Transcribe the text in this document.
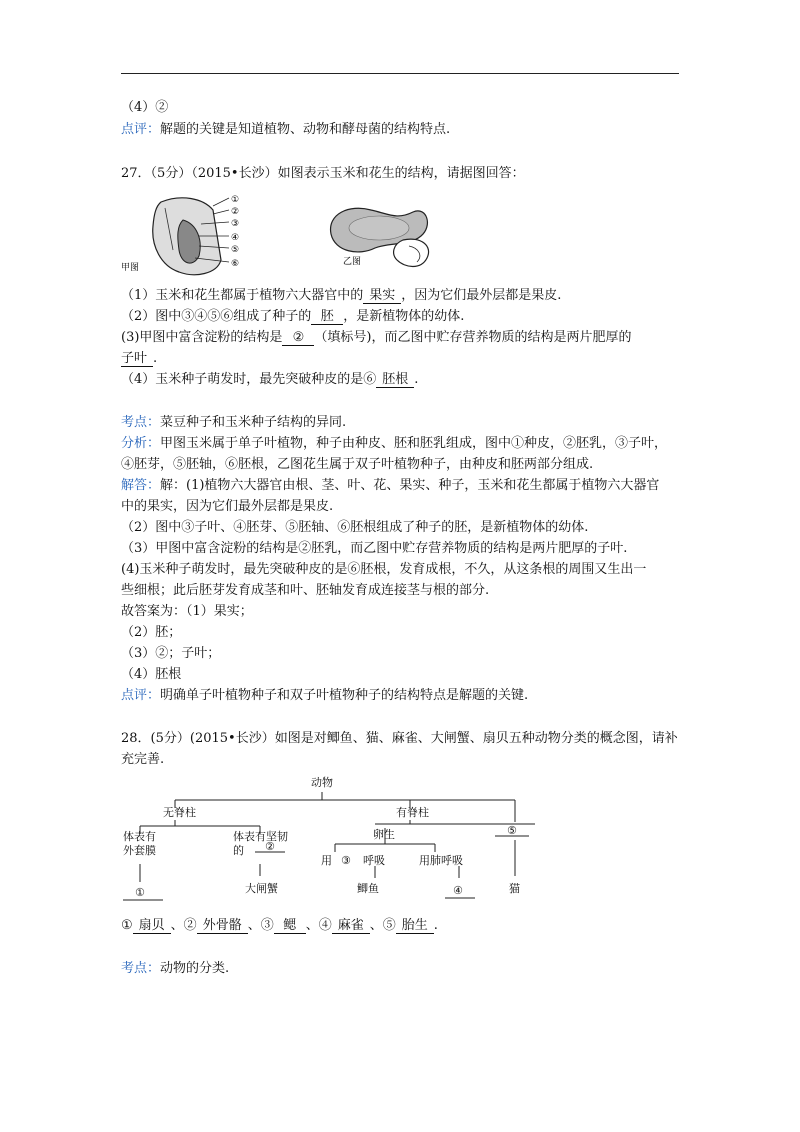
（4）②
点评：解题的关键是知道植物、动物和酵母菌的结构特点.
27．（5分）（2015•长沙）如图表示玉米和花生的结构，请据图回答：
①
②
③
④
⑤
⑥
甲图
乙图
（1）玉米和花生都属于植物六大器官中的 果实 ，因为它们最外层都是果皮.
（2）图中③④⑤⑥组成了种子的 胚 ，是新植物体的幼体.
(3)甲图中富含淀粉的结构是 ② （填标号)，而乙图中贮存营养物质的结构是两片肥厚的
子叶 .
（4）玉米种子萌发时，最先突破种皮的是⑥ 胚根 .
考点：菜豆种子和玉米种子结构的异同.
分析：甲图玉米属于单子叶植物，种子由种皮、胚和胚乳组成，图中①种皮，②胚乳，③子叶，
④胚芽，⑤胚轴，⑥胚根，乙图花生属于双子叶植物种子，由种皮和胚两部分组成.
解答：解：(1)植物六大器官由根、茎、叶、花、果实、种子，玉米和花生都属于植物六大器官
中的果实，因为它们最外层都是果皮.
（2）图中③子叶、④胚芽、⑤胚轴、⑥胚根组成了种子的胚，是新植物体的幼体.
（3）甲图中富含淀粉的结构是②胚乳，而乙图中贮存营养物质的结构是两片肥厚的子叶.
(4)玉米种子萌发时，最先突破种皮的是⑥胚根，发育成根，不久，从这条根的周围又生出一
些细根；此后胚芽发育成茎和叶、胚轴发育成连接茎与根的部分.
故答案为：（1）果实；
（2）胚；
（3）②；子叶；
（4）胚根
点评：明确单子叶植物种子和双子叶植物种子的结构特点是解题的关键.
28．(5分）(2015•长沙）如图是对鲫鱼、猫、麻雀、大闸蟹、扇贝五种动物分类的概念图，请补
充完善.
动物
无脊柱	有脊柱
体表有
外套膜
体表有坚韧
的 ②
卵生	⑤
用 ③ 呼吸	用肺呼吸
①	大闸蟹	鲫鱼	④	猫
① 扇贝 、② 外骨骼 、③ 鳃 、④ 麻雀 、⑤ 胎生 .
考点：动物的分类.
